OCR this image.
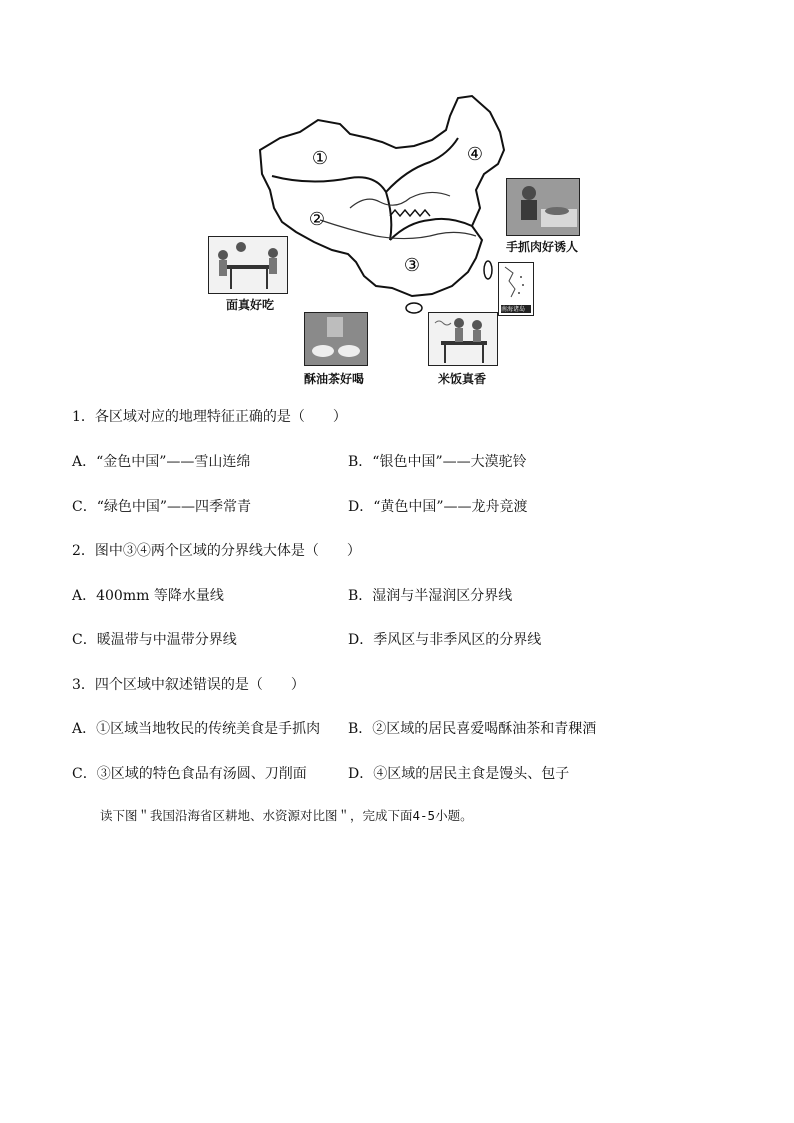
①
②
③
④
南海诸岛
手抓肉好诱人
面真好吃
酥油茶好喝	米饭真香
1．各区域对应的地理特征正确的是（　　）
A．“金色中国”——雪山连绵	B．“银色中国”——大漠驼铃
C．“绿色中国”——四季常青	D．“黄色中国”——龙舟竞渡
2．图中③④两个区域的分界线大体是（　　）
A．400mm 等降水量线	B．湿润与半湿润区分界线
C．暖温带与中温带分界线	D．季风区与非季风区的分界线
3．四个区域中叙述错误的是（　　）
A．①区域当地牧民的传统美食是手抓肉 B．②区域的居民喜爱喝酥油茶和青稞酒
C．③区域的特色食品有汤圆、刀削面	D．④区域的居民主食是馒头、包子
读下图＂我国沿海省区耕地、水资源对比图＂，完成下面4-5小题。
